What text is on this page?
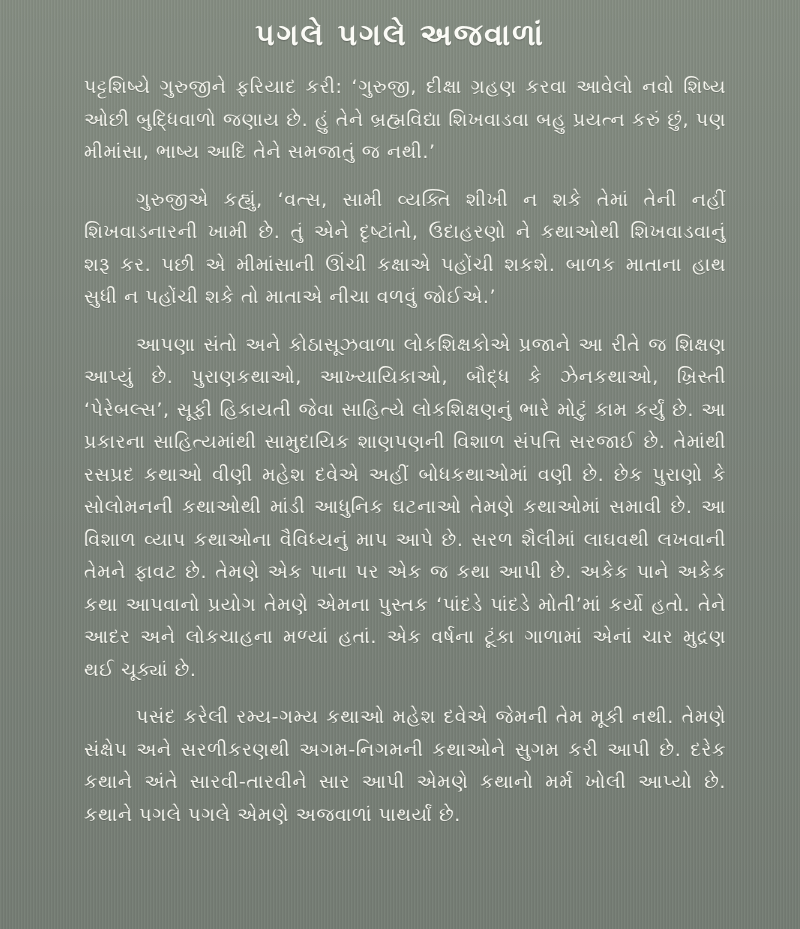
પગલે પગલે અજવાળાં

પટ્ટશિષ્યે ગુરુજીને ફરિયાદ કરી: ‘ગુરુજી, દીક્ષા ગ્રહણ કરવા આવેલો નવો શિષ્ય ઓછી બુદ્ધિવાળો જણાય છે. હું તેને બ્રહ્મવિદ્યા શિખવાડવા બહુ પ્રયત્ન કરું છું, પણ મીમાંસા, ભાષ્ય આદિ તેને સમજાતું જ નથી.’

ગુરુજીએ કહ્યું, ‘વત્સ, સામી વ્યક્તિ શીખી ન શકે તેમાં તેની નહીં શિખવાડનારની ખામી છે. તું એને દૃષ્ટાંતો, ઉદાહરણો ને કથાઓથી શિખવાડવાનું શરૂ કર. પછી એ મીમાંસાની ઊંચી કક્ષાએ પહોંચી શકશે. બાળક માતાના હાથ સુધી ન પહોંચી શકે તો માતાએ નીચા વળવું જોઈએ.’

આપણા સંતો અને કોઠાસૂઝવાળા લોકશિક્ષકોએ પ્રજાને આ રીતે જ શિક્ષણ આપ્યું છે. પુરાણકથાઓ, આખ્યાયિકાઓ, બૌદ્ધ કે ઝેનકથાઓ, ખ્રિસ્તી ‘પેરેબલ્સ’, સૂફી હિકાયતી જેવા સાહિત્યે લોકશિક્ષણનું ભારે મોટું કામ કર્યું છે. આ પ્રકારના સાહિત્યમાંથી સામુદાયિક શાણપણની વિશાળ સંપત્તિ સરજાઈ છે. તેમાંથી રસપ્રદ કથાઓ વીણી મહેશ દવેએ અહીં બોધકથાઓમાં વણી છે. છેક પુરાણો કે સોલોમનની કથાઓથી માંડી આધુનિક ઘટનાઓ તેમણે કથાઓમાં સમાવી છે. આ વિશાળ વ્યાપ કથાઓના વૈવિધ્યનું માપ આપે છે. સરળ શૈલીમાં લાઘવથી લખવાની તેમને ફાવટ છે. તેમણે એક પાના પર એક જ કથા આપી છે. અકેક પાને અકેક કથા આપવાનો પ્રયોગ તેમણે એમના પુસ્તક ‘પાંદડે પાંદડે મોતી’માં કર્યો હતો. તેને આદર અને લોકચાહના મળ્યાં હતાં. એક વર્ષના ટૂંકા ગાળામાં એનાં ચાર મુદ્રણ થઈ ચૂક્યાં છે.

પસંદ કરેલી રમ્ય-ગમ્ય કથાઓ મહેશ દવેએ જેમની તેમ મૂકી નથી. તેમણે સંક્ષેપ અને સરળીકરણથી અગમ-નિગમની કથાઓને સુગમ કરી આપી છે. દરેક કથાને અંતે સારવી-તારવીને સાર આપી એમણે કથાનો મર્મ ખોલી આપ્યો છે. કથાને પગલે પગલે એમણે અજવાળાં પાથર્યાં છે.
